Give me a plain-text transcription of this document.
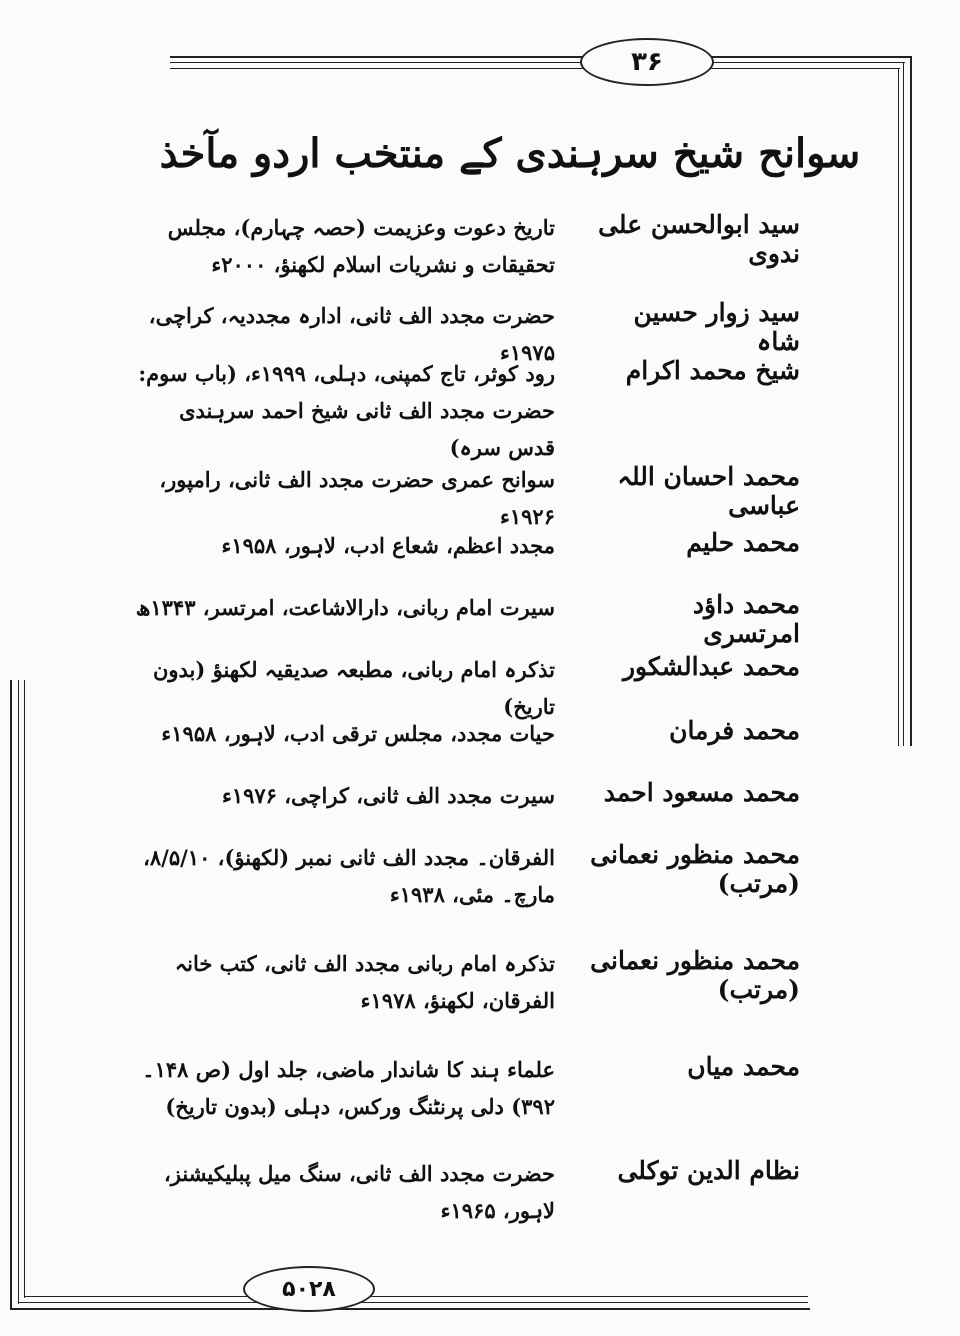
۳۶
۵۰۲۸
سوانح شیخ سرہندی کے منتخب اردو مآخذ
سید ابوالحسن علی ندوی
تاریخ دعوت وعزیمت (حصہ چہارم)، مجلس تحقیقات و نشریات اسلام لکھنؤ، ۲۰۰۰ء
سید زوار حسین شاہ
حضرت مجدد الف ثانی، ادارہ مجددیہ، کراچی، ۱۹۷۵ء
شیخ محمد اکرام
رود کوثر، تاج کمپنی، دہلی، ۱۹۹۹ء، (باب سوم: حضرت مجدد الف ثانی شیخ احمد سرہندی قدس سرہ)
محمد احسان اللہ عباسی
سوانح عمری حضرت مجدد الف ثانی، رامپور، ۱۹۲۶ء
محمد حلیم
مجدد اعظم، شعاع ادب، لاہور، ۱۹۵۸ء
محمد داؤد امرتسری
سیرت امام ربانی، دارالاشاعت، امرتسر، ۱۳۴۳ھ
محمد عبدالشکور
تذکرہ امام ربانی، مطبعہ صدیقیہ لکھنؤ (بدون تاریخ)
محمد فرمان
حیات مجدد، مجلس ترقی ادب، لاہور، ۱۹۵۸ء
محمد مسعود احمد
سیرت مجدد الف ثانی، کراچی، ۱۹۷۶ء
محمد منظور نعمانی (مرتب)
الفرقان۔ مجدد الف ثانی نمبر (لکھنؤ)، ۸/۵/۱۰، مارچ۔ مئی، ۱۹۳۸ء
محمد منظور نعمانی (مرتب)
تذکرہ امام ربانی مجدد الف ثانی، کتب خانہ الفرقان، لکھنؤ، ۱۹۷۸ء
محمد میاں
علماء ہند کا شاندار ماضی، جلد اول (ص ۱۴۸۔۳۹۲) دلی پرنٹنگ ورکس، دہلی (بدون تاریخ)
نظام الدین توکلی
حضرت مجدد الف ثانی، سنگ میل پبلیکیشنز، لاہور، ۱۹۶۵ء
